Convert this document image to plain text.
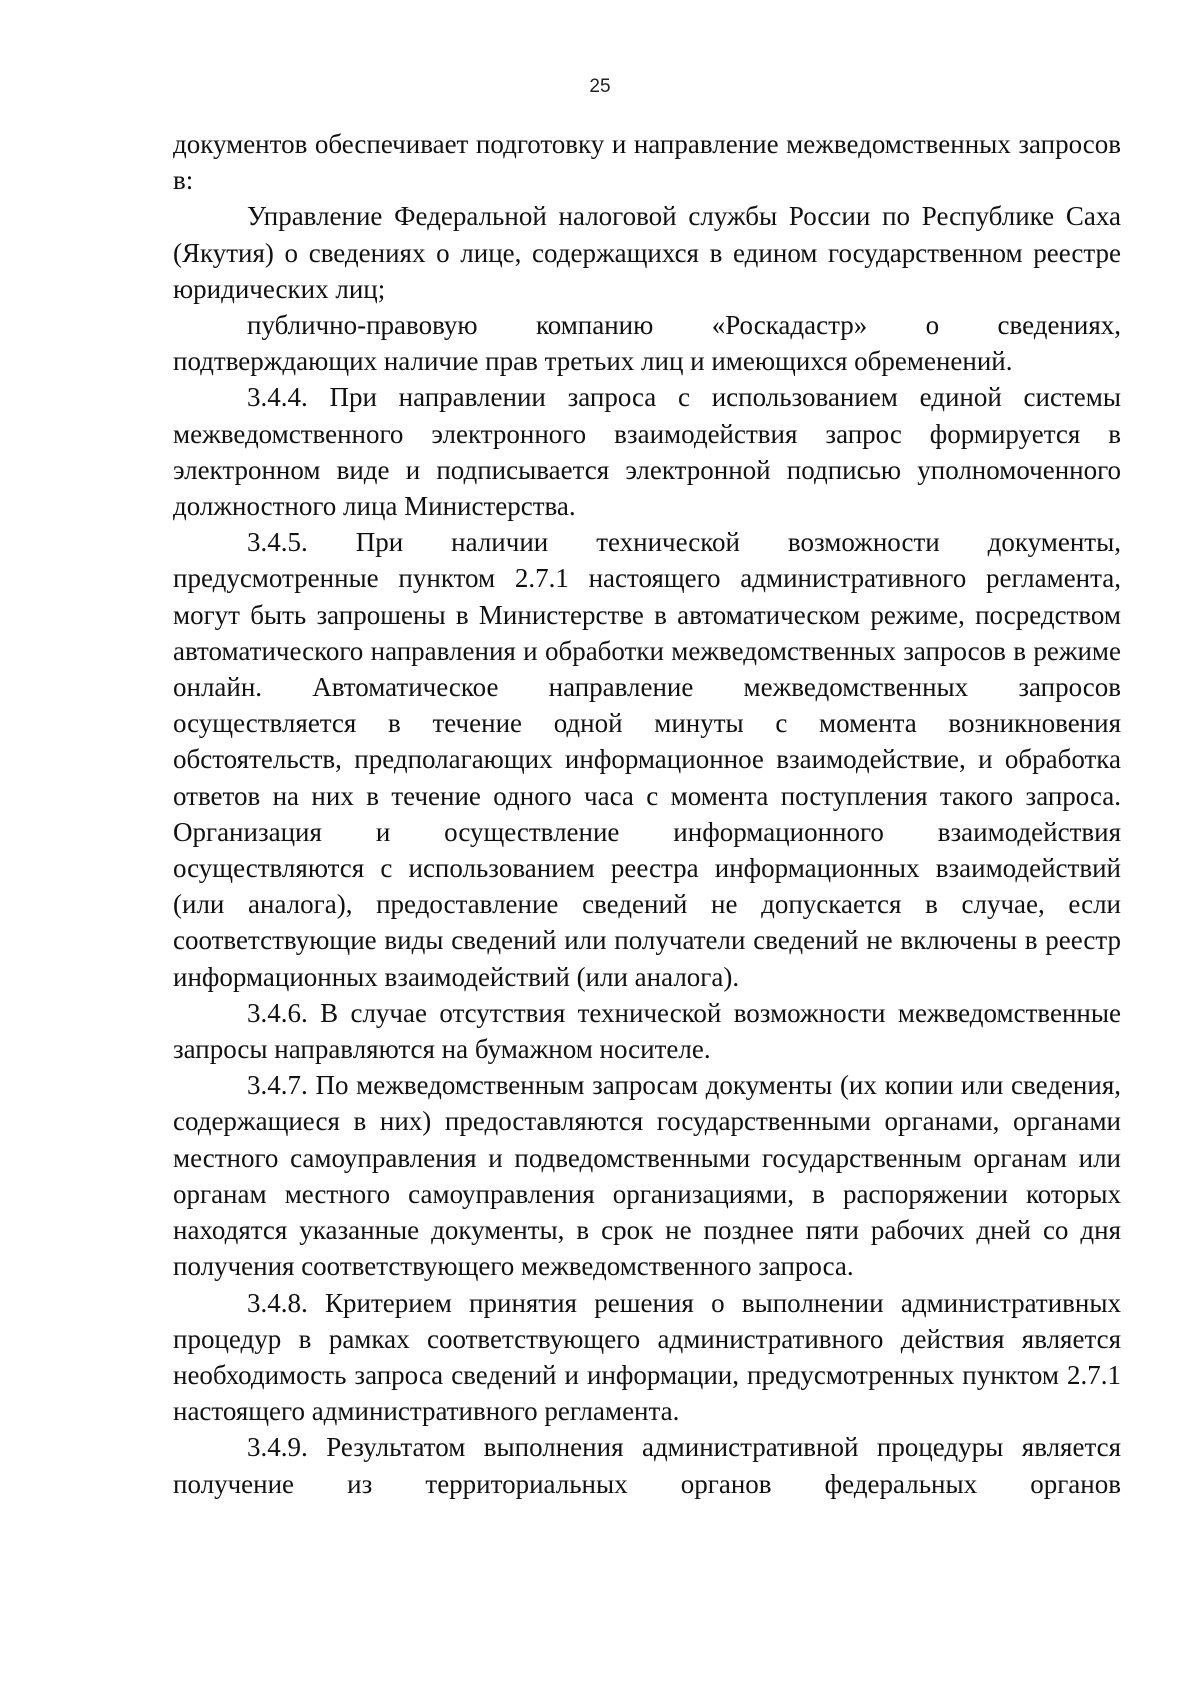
25

документов обеспечивает подготовку и направление межведомственных запросов в:

Управление Федеральной налоговой службы России по Республике Саха (Якутия) о сведениях о лице, содержащихся в едином государственном реестре юридических лиц;

публично-правовую компанию «Роскадастр» о сведениях, подтверждающих наличие прав третьих лиц и имеющихся обременений.

3.4.4. При направлении запроса с использованием единой системы межведомственного электронного взаимодействия запрос формируется в электронном виде и подписывается электронной подписью уполномоченного должностного лица Министерства.

3.4.5. При наличии технической возможности документы, предусмотренные пунктом 2.7.1 настоящего административного регламента, могут быть запрошены в Министерстве в автоматическом режиме, посредством автоматического направления и обработки межведомственных запросов в режиме онлайн. Автоматическое направление межведомственных запросов осуществляется в течение одной минуты с момента возникновения обстоятельств, предполагающих информационное взаимодействие, и обработка ответов на них в течение одного часа с момента поступления такого запроса. Организация и осуществление информационного взаимодействия осуществляются с использованием реестра информационных взаимодействий (или аналога), предоставление сведений не допускается в случае, если соответствующие виды сведений или получатели сведений не включены в реестр информационных взаимодействий (или аналога).

3.4.6. В случае отсутствия технической возможности межведомственные запросы направляются на бумажном носителе.

3.4.7. По межведомственным запросам документы (их копии или сведения, содержащиеся в них) предоставляются государственными органами, органами местного самоуправления и подведомственными государственным органам или органам местного самоуправления организациями, в распоряжении которых находятся указанные документы, в срок не позднее пяти рабочих дней со дня получения соответствующего межведомственного запроса.

3.4.8. Критерием принятия решения о выполнении административных процедур в рамках соответствующего административного действия является необходимость запроса сведений и информации, предусмотренных пунктом 2.7.1 настоящего административного регламента.

3.4.9. Результатом выполнения административной процедуры является получение из территориальных органов федеральных органов
